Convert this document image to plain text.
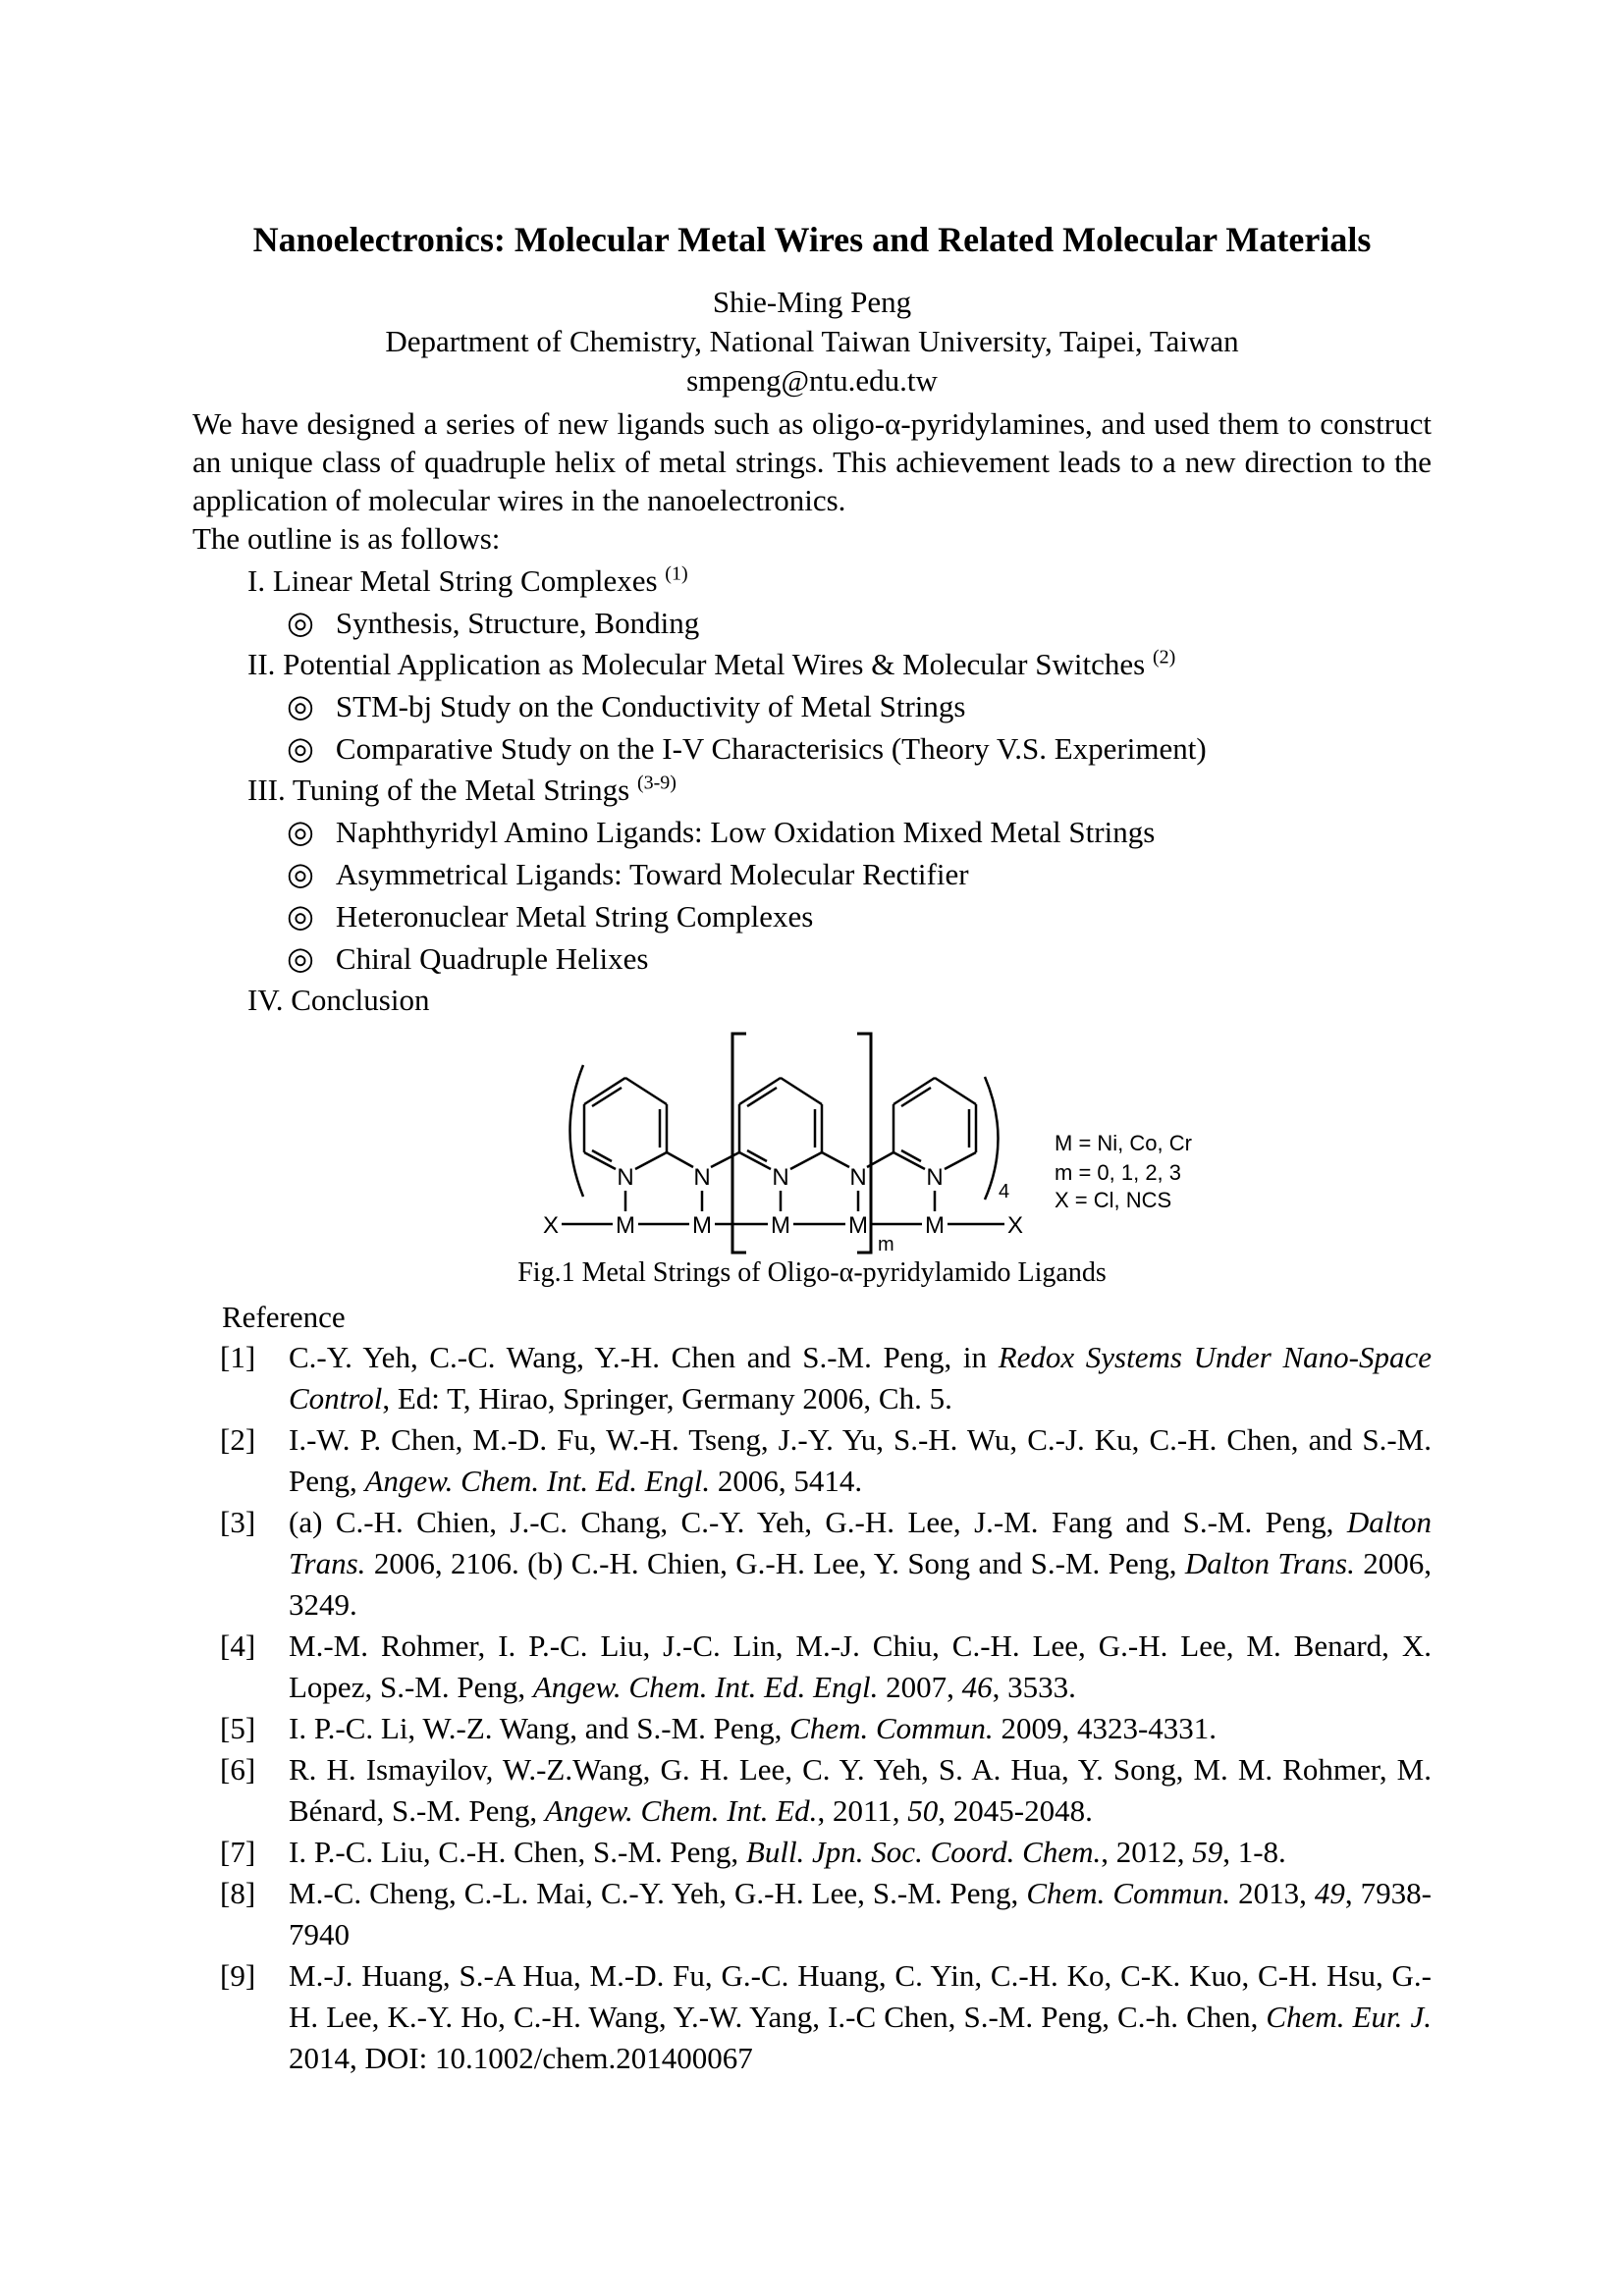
Nanoelectronics: Molecular Metal Wires and Related Molecular Materials
Shie-Ming Peng
Department of Chemistry, National Taiwan University, Taipei, Taiwan
smpeng@ntu.edu.tw

We have designed a series of new ligands such as oligo-α-pyridylamines, and used them to construct an unique class of quadruple helix of metal strings. This achievement leads to a new direction to the application of molecular wires in the nanoelectronics.

The outline is as follows:
I. Linear Metal String Complexes $^{(1)}$
◎ Synthesis, Structure, Bonding
II. Potential Application as Molecular Metal Wires & Molecular Switches $^{(2)}$
◎ STM-bj Study on the Conductivity of Metal Strings
◎ Comparative Study on the I-V Characterisics (Theory V.S. Experiment)
III. Tuning of the Metal Strings $^{(3-9)}$
◎ Naphthyridyl Amino Ligands: Low Oxidation Mixed Metal Strings
◎ Asymmetrical Ligands: Toward Molecular Rectifier
◎ Heteronuclear Metal String Complexes
◎ Chiral Quadruple Helixes
IV. Conclusion
4
m
N	N	N	N	N
X M M	M M M	X
M = Ni, Co, Cr
m = 0, 1, 2, 3
X = Cl, NCS
Fig.1 Metal Strings of Oligo-α-pyridylamido Ligands
Reference
[1]	C.-Y. Yeh, C.-C. Wang, Y.-H. Chen and S.-M. Peng, in Redox Systems Under Nano-Space Control, Ed: T, Hirao, Springer, Germany 2006, Ch. 5.
[2]	I.-W. P. Chen, M.-D. Fu, W.-H. Tseng, J.-Y. Yu, S.-H. Wu, C.-J. Ku, C.-H. Chen, and S.-M. Peng, Angew. Chem. Int. Ed. Engl. 2006, 5414.
[3]	(a) C.-H. Chien, J.-C. Chang, C.-Y. Yeh, G.-H. Lee, J.-M. Fang and S.-M. Peng, Dalton Trans. 2006, 2106. (b) C.-H. Chien, G.-H. Lee, Y. Song and S.-M. Peng, Dalton Trans. 2006, 3249.
[4]	M.-M. Rohmer, I. P.-C. Liu, J.-C. Lin, M.-J. Chiu, C.-H. Lee, G.-H. Lee, M. Benard, X. Lopez, S.-M. Peng, Angew. Chem. Int. Ed. Engl. 2007, 46, 3533.
[5]	I. P.-C. Li, W.-Z. Wang, and S.-M. Peng, Chem. Commun. 2009, 4323-4331.
[6]	R. H. Ismayilov, W.-Z.Wang, G. H. Lee, C. Y. Yeh, S. A. Hua, Y. Song, M. M. Rohmer, M. Bénard, S.-M. Peng, Angew. Chem. Int. Ed., 2011, 50, 2045-2048.
[7]	I. P.-C. Liu, C.-H. Chen, S.-M. Peng, Bull. Jpn. Soc. Coord. Chem., 2012, 59, 1-8.
[8]	M.-C. Cheng, C.-L. Mai, C.-Y. Yeh, G.-H. Lee, S.-M. Peng, Chem. Commun. 2013, 49, 7938-7940
[9]	M.-J. Huang, S.-A Hua, M.-D. Fu, G.-C. Huang, C. Yin, C.-H. Ko, C-K. Kuo, C-H. Hsu, G.-H. Lee, K.-Y. Ho, C.-H. Wang, Y.-W. Yang, I.-C Chen, S.-M. Peng, C.-h. Chen, Chem. Eur. J. 2014, DOI: 10.1002/chem.201400067
